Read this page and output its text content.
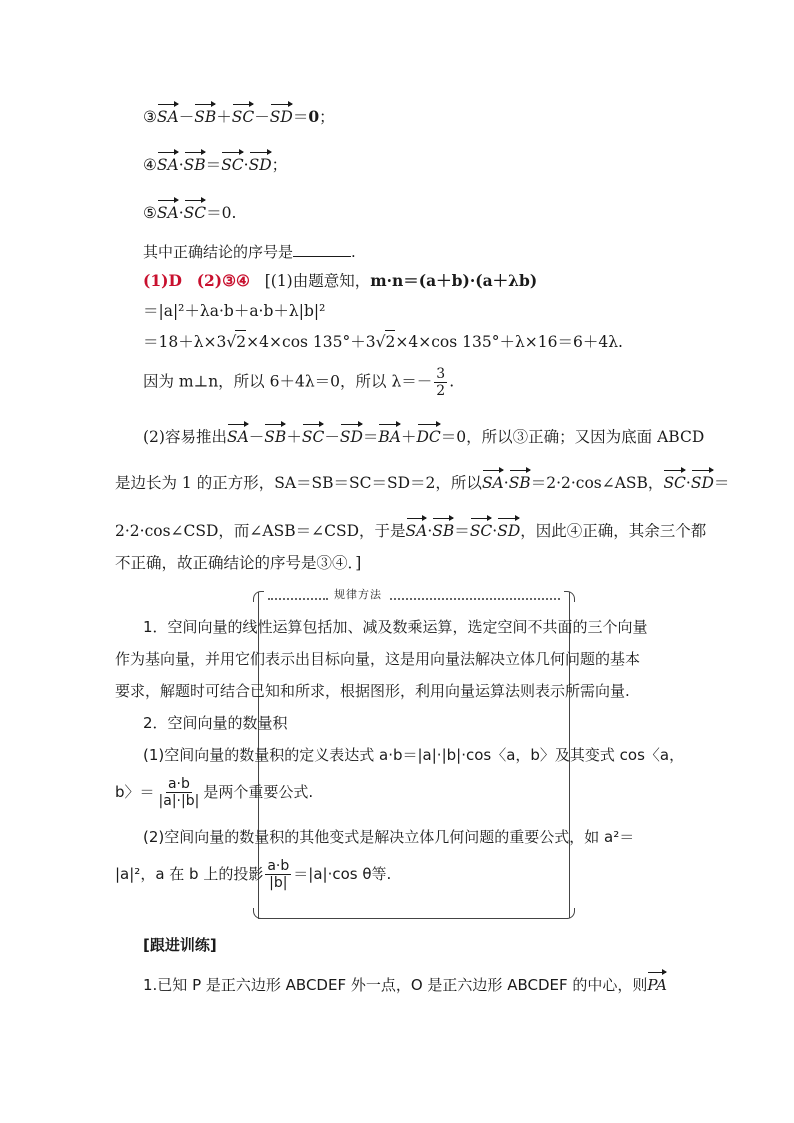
③SA－SB＋SC－SD＝0；
④SA·SB＝SC·SD；
⑤SA·SC＝0.
其中正确结论的序号是	.
(1)D (2)③④ [(1)由题意知，m·n＝(a＋b)·(a＋λb)
＝|a|²＋λa·b＋a·b＋λ|b|²
＝18＋λ×3√2×4×cos 135°＋3√2×4×cos 135°＋λ×16＝6＋4λ.
因为 m⊥n，所以 6＋4λ＝0，所以 $\lambda=- \frac{3}{2}$ .
(2)容易推出SA－SB＋SC－SD＝BA＋DC＝0，所以③正确；又因为底面 ABCD
是边长为 1 的正方形，SA＝SB＝SC＝SD＝2，所以SA·SB＝2·2·cos∠ASB，SC·SD＝
2·2·cos∠CSD，而∠ASB＝∠CSD，于是SA·SB＝SC·SD，因此④正确，其余三个都
不正确，故正确结论的序号是③④．]
规律方法
1．空间向量的线性运算包括加、减及数乘运算，选定空间不共面的三个向量
作为基向量，并用它们表示出目标向量，这是用向量法解决立体几何问题的基本
要求，解题时可结合已知和所求，根据图形，利用向量运算法则表示所需向量.
2．空间向量的数量积
(1)空间向量的数量积的定义表达式 a·b＝|a|·|b|·cos〈a，b〉及其变式 cos〈a，
b〉＝ $\frac{a\cdot b}{|a|\cdot|b|}$ 是两个重要公式.
(2)空间向量的数量积的其他变式是解决立体几何问题的重要公式，如 a²＝
|a|²，a 在 b 上的投影 $\frac{a\cdot b}{|b|} =|a|\cdot\cos$ θ等.
[跟进训练]
1.已知 P 是正六边形 ABCDEF 外一点，O 是正六边形 ABCDEF 的中心，则PA
